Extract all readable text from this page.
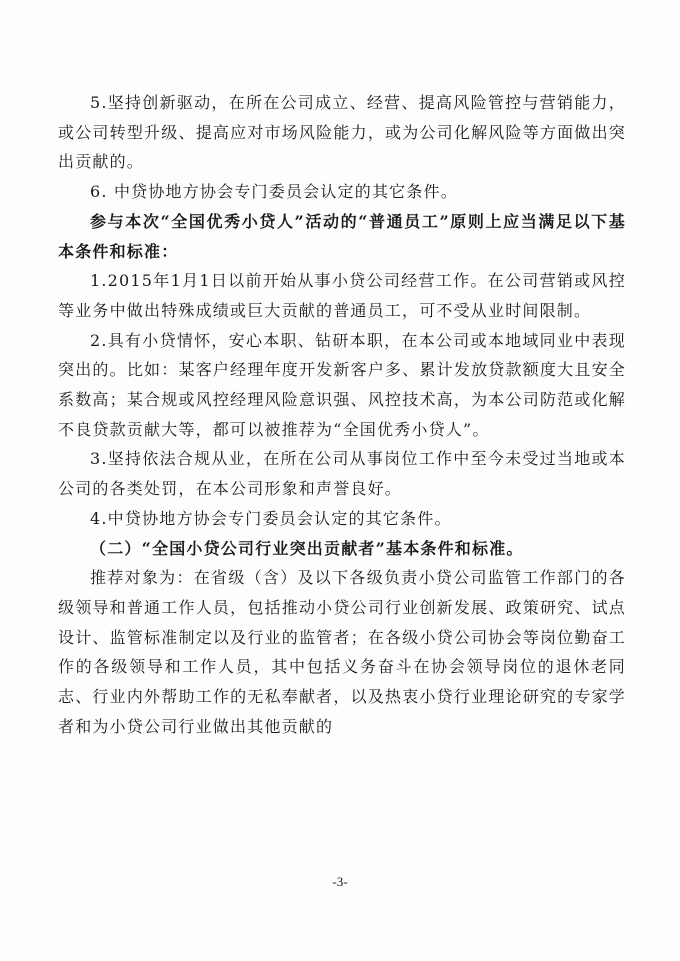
5.坚持创新驱动，在所在公司成立、经营、提高风险管控与营销能力，或公司转型升级、提高应对市场风险能力，或为公司化解风险等方面做出突出贡献的。

6. 中贷协地方协会专门委员会认定的其它条件。

参与本次“全国优秀小贷人”活动的“普通员工”原则上应当满足以下基本条件和标准：

1.2015年1月1日以前开始从事小贷公司经营工作。在公司营销或风控等业务中做出特殊成绩或巨大贡献的普通员工，可不受从业时间限制。

2.具有小贷情怀，安心本职、钻研本职，在本公司或本地域同业中表现突出的。比如：某客户经理年度开发新客户多、累计发放贷款额度大且安全系数高；某合规或风控经理风险意识强、风控技术高，为本公司防范或化解不良贷款贡献大等，都可以被推荐为“全国优秀小贷人”。

3.坚持依法合规从业，在所在公司从事岗位工作中至今未受过当地或本公司的各类处罚，在本公司形象和声誉良好。

4.中贷协地方协会专门委员会认定的其它条件。

（二）“全国小贷公司行业突出贡献者”基本条件和标准。

推荐对象为：在省级（含）及以下各级负责小贷公司监管工作部门的各级领导和普通工作人员，包括推动小贷公司行业创新发展、政策研究、试点设计、监管标准制定以及行业的监管者；在各级小贷公司协会等岗位勤奋工作的各级领导和工作人员，其中包括义务奋斗在协会领导岗位的退休老同志、行业内外帮助工作的无私奉献者，以及热衷小贷行业理论研究的专家学者和为小贷公司行业做出其他贡献的

-3-
